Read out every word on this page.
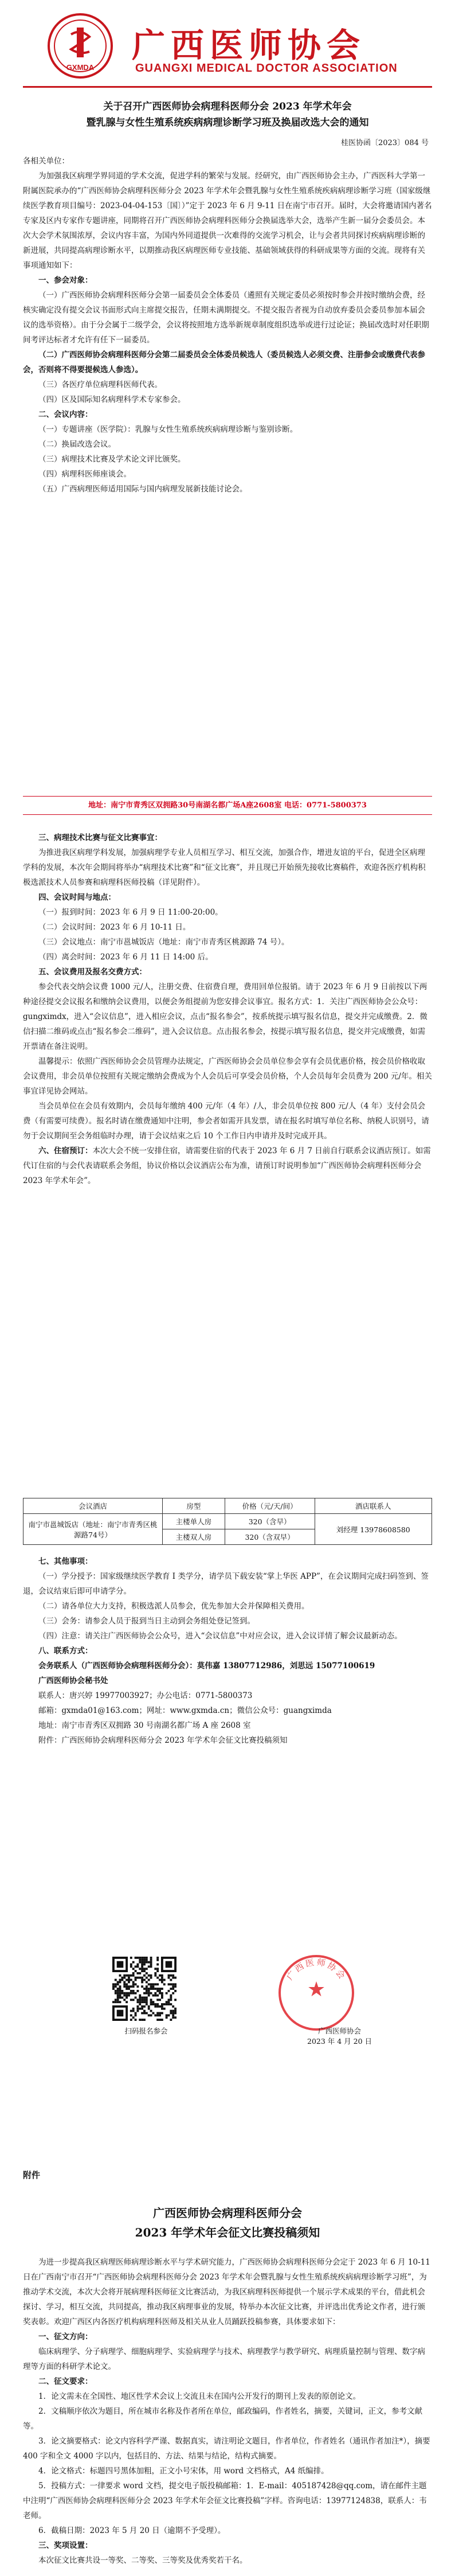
GXMDA
广西医师协会
GUANGXI MEDICAL DOCTOR ASSOCIATION
关于召开广西医师协会病理科医师分会 2023 年学术年会
暨乳腺与女性生殖系统疾病病理诊断学习班及换届改选大会的通知
桂医协函〔2023〕084 号

各相关单位：

为加强我区病理学界同道的学术交流，促进学科的繁荣与发展。经研究，由广西医师协会主办，广西医科大学第一附属医院承办的“广西医师协会病理科医师分会 2023 年学术年会暨乳腺与女性生殖系统疾病病理诊断学习班（国家级继续医学教育项目编号：2023-04-04-153〔国〕）”定于 2023 年 6 月 9-11 日在南宁市召开。届时，大会将邀请国内著名专家及区内专家作专题讲座，同期将召开广西医师协会病理科医师分会换届选举大会，选举产生新一届分会委员会。本次大会学术氛围浓厚，会议内容丰富，为国内外同道提供一次难得的交流学习机会，让与会者共同探讨疾病病理诊断的新进展，共同提高病理诊断水平，以期推动我区病理医师专业技能、基础领域获得的科研成果等方面的交流。现将有关事项通知如下：

一、参会对象：

（一）广西医师协会病理科医师分会第一届委员会全体委员（遴照有关规定委员必须按时参会并按时缴纳会费，经核实确定没有提交会议书面形式向主席提交报告，任期未满期提交。不提交报告者视为自动放弃委员会委员参加本届会议的选举资格）。由于分会属于二级学会，会议将按照地方选举新规章制度组织选举或进行过论证；换届改选时对任职期间考评达标者才允许有任下一届委员。

（二）广西医师协会病理科医师分会第二届委员会全体委员候选人（委员候选人必须交费、注册参会或缴费代表参会，否则将不得要提候选人参选）。

（三）各医疗单位病理科医师代表。

（四）区及国际知名病理科学术专家参会。

二、会议内容：

（一）专题讲座（医学院）：乳腺与女性生殖系统疾病病理诊断与鉴别诊断。

（二）换届改选会议。

（三）病理技术比赛及学术论文评比颁奖。

（四）病理科医师座谈会。

（五）广西病理医师适用国际与国内病理发展新技能讨论会。

地址：南宁市青秀区双拥路30号南湖名都广场A座2608室 电话：0771-5800373

三、病理技术比赛与征文比赛事宜：

为推进我区病理学科发展，加强病理学专业人员相互学习、相互交流，加强合作，增进友谊的平台，促进全区病理学科的发展，本次年会期间将举办“病理技术比赛”和“征文比赛”，并且现已开始预先接收比赛稿件，欢迎各医疗机构积极选派技术人员参赛和病理科医师投稿（详见附件）。

四、会议时间与地点：

（一）报到时间：2023 年 6 月 9 日 11:00-20:00。

（二）会议时间：2023 年 6 月 10-11 日。

（三）会议地点：南宁市邕城饭店（地址：南宁市青秀区桃源路 74 号）。

（四）离会时间：2023 年 6 月 11 日 14:00 后。

五、会议费用及报名交费方式：

参会代表交纳会议费 1000 元/人，注册交费、住宿费自理，费用回单位报销。请于 2023 年 6 月 9 日前按以下两种途径提交会议报名和缴纳会议费用，以便会务组提前为您安排会议事宜。报名方式：1．关注广西医师协会公众号：gungximdx，进入“会议信息”，进入相应会议，点击“报名参会”，按系统提示填写报名信息，提交并完成缴费。2．微信扫描二维码或点击“报名参会二维码”，进入会议信息。点击报名参会，按提示填写报名信息，提交并完成缴费，如需开票请在备注说明。

温馨提示：依照广西医师协会会员管理办法规定，广西医师协会会员单位参会享有会员优惠价格，按会员价格收取会议费用，非会员单位按照有关规定缴纳会费成为个人会员后可享受会员价格，个人会员每年会员费为 200 元/年。相关事宜详见协会网站。

当会员单位在会员有效期内，会员每年缴纳 400 元/年（4 年）/人，非会员单位按 800 元/人（4 年）支付会员会费（有需要可续费）。报名时请在缴费通知中注明，参会者如需开具发票，请在报名时填写单位名称、纳税人识别号，请勿于会议期间至会务组临时办理，请于会议结束之后 10 个工作日内申请并及时完成开具。

六、住宿预订：本次大会不统一安排住宿，请需要住宿的代表于 2023 年 6 月 7 日前自行联系会议酒店预订。如需代订住宿的与会代表请联系会务组，协议价格以会议酒店公布为准，请预订时说明参加“广西医师协会病理科医师分会 2023 年学术年会”。

会议酒店	房型	价格（元/天/间）	酒店联系人
南宁市邕城饭店（地址：南宁市青秀区桃源路74号）	主楼单人房	320（含早）	刘经理 13978608580
	主楼双人房	320（含双早）	

七、其他事项：

（一）学分授予：国家级继续医学教育 I 类学分，请学员下载安装“掌上华医 APP”，在会议期间完成扫码签到、签退，会议结束后即可申请学分。

（二）请各单位大力支持，积极选派人员参会，优先参加大会并保障相关费用。

（三）会务：请参会人员于报到当日主动到会务组处登记签到。

（四）注意：请关注广西医师协会公众号，进入“会议信息”中对应会议，进入会议详情了解会议最新动态。

八、联系方式：

会务联系人（广西医师协会病理科医师分会）：莫伟嘉 13807712986，刘思远 15077100619

广西医师协会秘书处

联系人：唐兴婷 19977003927；办公电话：0771-5800373

邮箱：gxmda01@163.com；网址：www.gxmda.cn；微信公众号：guangximda

地址：南宁市青秀区双拥路 30 号南湖名都广场 A 座 2608 室

附件：广西医师协会病理科医师分会 2023 年学术年会征文比赛投稿须知

扫码报名参会
★
广西医师协会
广西医师协会
2023 年 4 月 20 日
附件
广西医师协会病理科医师分会
2023 年学术年会征文比赛投稿须知

为进一步提高我区病理医师病理诊断水平与学术研究能力，广西医师协会病理科医师分会定于 2023 年 6 月 10-11 日在广西南宁市召开“广西医师协会病理科医师分会 2023 年学术年会暨乳腺与女性生殖系统疾病病理诊断学习班”，为推动学术交流，本次大会将开展病理科医师征文比赛活动，为我区病理科医师提供一个展示学术成果的平台，借此机会探讨、学习，相互交流，共同提高，推动我区病理事业的发展，特举办本次征文比赛，并评选出优秀论文作者，进行颁奖表彰。欢迎广西区内各医疗机构病理科医师及相关从业人员踊跃投稿参赛，具体要求如下：

一、征文方向：

临床病理学、分子病理学、细胞病理学、实验病理学与技术、病理教学与教学研究、病理质量控制与管理、数字病理等方面的科研学术论文。

二、征文要求：

1．论文需未在全国性、地区性学术会议上交流且未在国内公开发行的期刊上发表的原创论文。

2．文稿顺序依次为题目，所在城市名称及作者所在单位，邮政编码，作者姓名，摘要，关键词，正文，参考文献等。

3．论文摘要格式：论文内容科学严谨、数据真实，请注明论文题目，作者单位，作者姓名（通讯作者加注*），摘要 400 字和全文 4000 字以内，包括目的、方法、结果与结论，结构式摘要。

4．论文格式：标题四号黑体加粗，正文小号宋体，用 word 文档格式，A4 纸编排。

5．投稿方式：一律要求 word 文档，提交电子版投稿邮箱：1．E-mail：405187428@qq.com，请在邮件主题中注明“广西医师协会病理科医师分会 2023 年学术年会征文比赛投稿”字样。咨询电话：13977124838，联系人：韦老师。

6．截稿日期：2023 年 5 月 20 日（逾期不予受理）。

三、奖项设置：

本次征文比赛共设一等奖、二等奖、三等奖及优秀奖若干名。
